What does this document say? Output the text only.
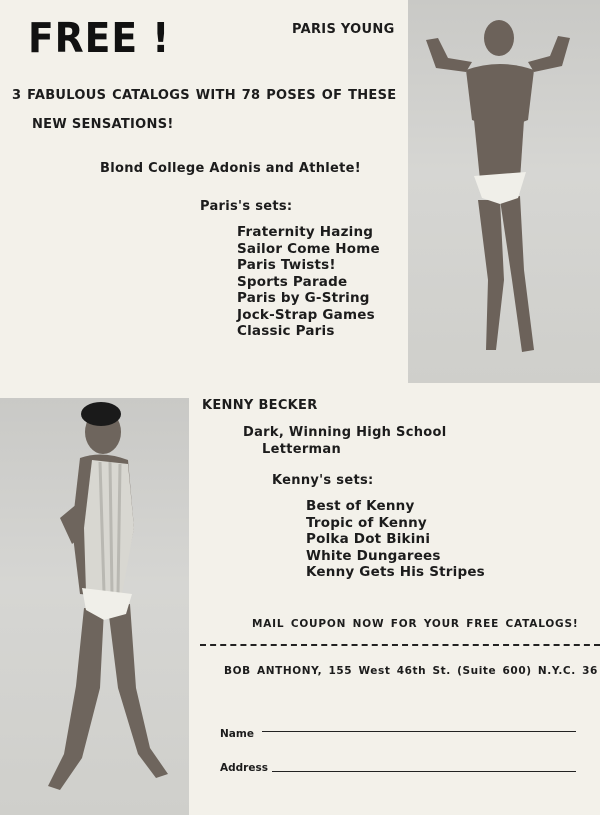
FREE !	PARIS YOUNG
3 FABULOUS CATALOGS WITH 78 POSES OF THESE
NEW SENSATIONS!
Blond College Adonis and Athlete!
Paris's sets:
Fraternity Hazing
Sailor Come Home
Paris Twists!
Sports Parade
Paris by G-String
Jock-Strap Games
Classic Paris
KENNY BECKER
Dark, Winning High School
Letterman
Kenny's sets:
Best of Kenny
Tropic of Kenny
Polka Dot Bikini
White Dungarees
Kenny Gets His Stripes
MAIL COUPON NOW FOR YOUR FREE CATALOGS!
BOB ANTHONY, 155 West 46th St. (Suite 600) N.Y.C. 36
Name
Address
